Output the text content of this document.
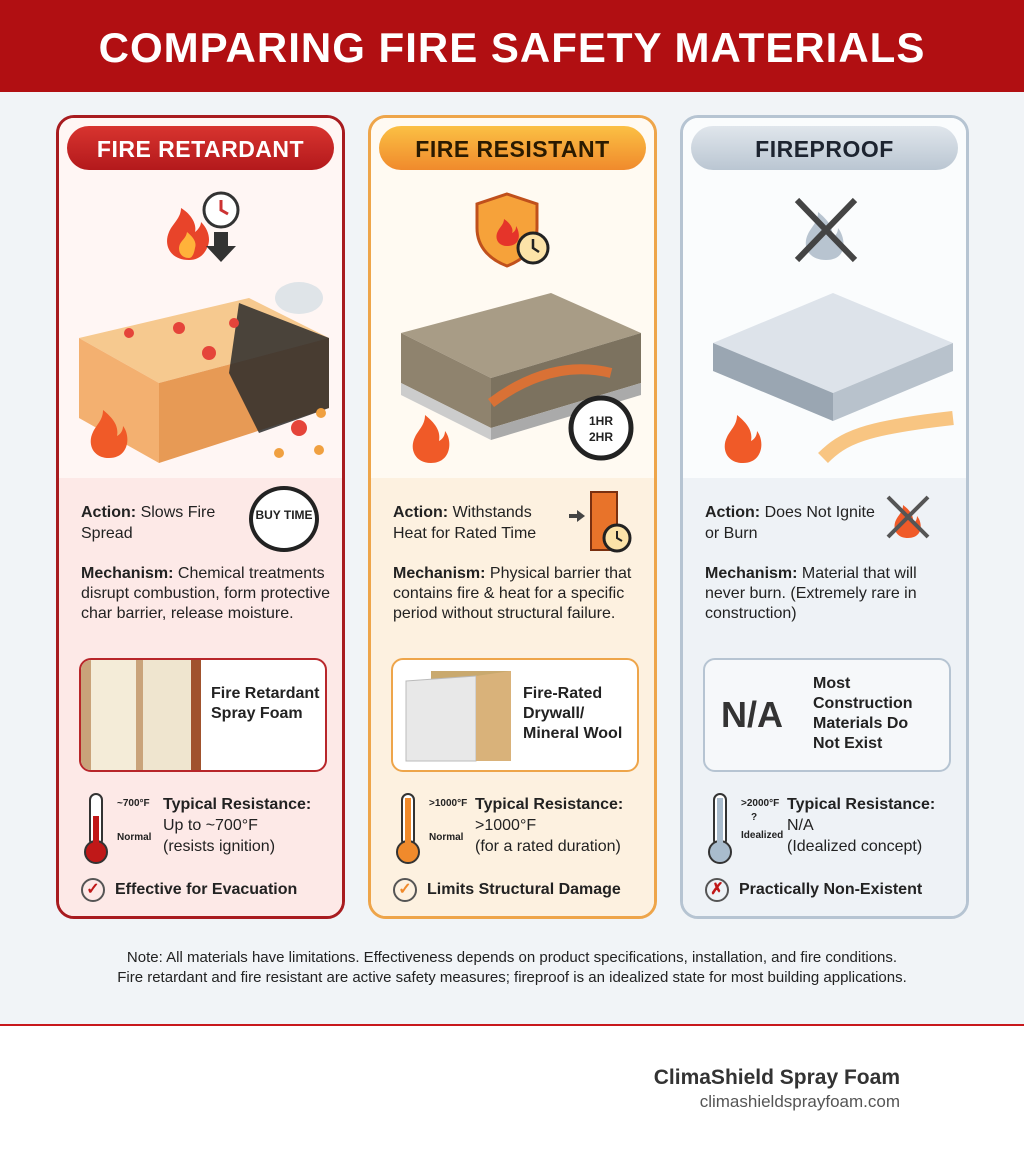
COMPARING FIRE SAFETY MATERIALS
FIRE RETARDANT
Action: Slows Fire Spread
BUY TIME
Mechanism: Chemical treatments disrupt combustion, form protective char barrier, release moisture.
Fire Retardant Spray Foam
~700°F
Normal
Typical Resistance:
Up to ~700°F
(resists ignition)
✓ Effective for Evacuation
FIRE RESISTANT
1HR
2HR
Action: Withstands Heat for Rated Time
Mechanism: Physical barrier that contains fire & heat for a specific period without structural failure.
Fire-Rated Drywall/ Mineral Wool
>1000°F
Normal
Typical Resistance:
>1000°F
(for a rated duration)
✓ Limits Structural Damage
FIREPROOF
Action: Does Not Ignite or Burn
Mechanism: Material that will never burn. (Extremely rare in construction)
N/A
Most Construction Materials Do Not Exist
>2000°F
?
Idealized
Typical Resistance:
N/A
(Idealized concept)
✗ Practically Non-Existent
Note: All materials have limitations. Effectiveness depends on product specifications, installation, and fire conditions.
Fire retardant and fire resistant are active safety measures; fireproof is an idealized state for most building applications.
ClimaShield Spray Foam
climashieldsprayfoam.com
